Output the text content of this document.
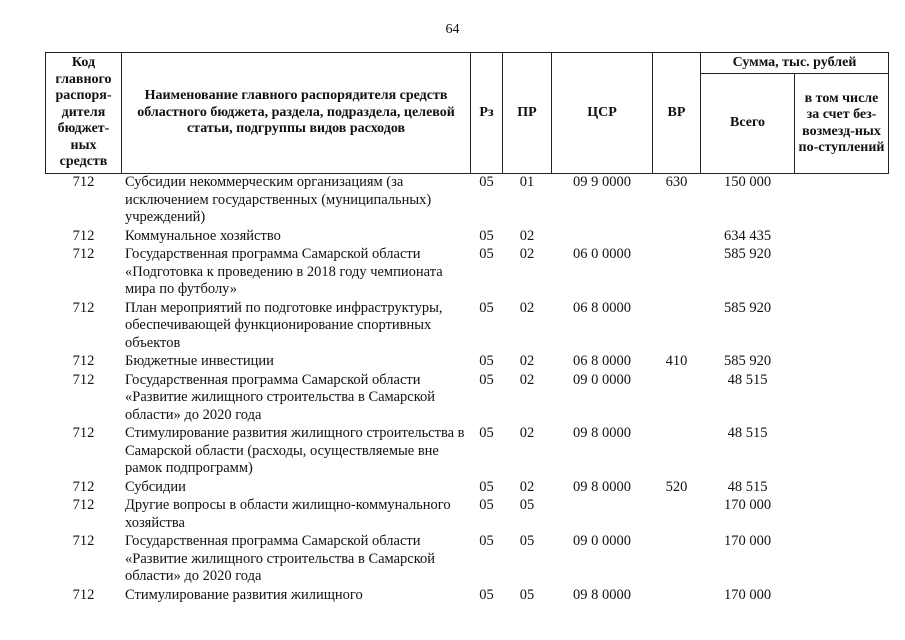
64
Код главного распоря-дителя бюджет-ных средств	Наименование главного распорядителя средств областного бюджета, раздела, подраздела, целевой статьи, подгруппы видов расходов	Рз	ПР	ЦСР	ВР	Сумма, тыс. рублей	
						Всего	в том числе за счет без-возмезд-ных по-ступлений
712	Субсидии некоммерческим организациям (за исключением государственных (муниципальных) учреждений)	05	01	09 9 0000	630	150 000	
712	Коммунальное хозяйство	05	02			634 435	
712	Государственная программа Самарской области «Подготовка к проведению в 2018 году чемпионата мира по футболу»	05	02	06 0 0000		585 920	
712	План мероприятий по подготовке инфраструктуры, обеспечивающей функционирование спортивных объектов	05	02	06 8 0000		585 920	
712	Бюджетные инвестиции	05	02	06 8 0000	410	585 920	
712	Государственная программа Самарской области «Развитие жилищного строительства в Самарской области» до 2020 года	05	02	09 0 0000		48 515	
712	Стимулирование развития жилищного строительства в Самарской области (расходы, осуществляемые вне рамок подпрограмм)	05	02	09 8 0000		48 515	
712	Субсидии	05	02	09 8 0000	520	48 515	
712	Другие вопросы в области жилищно-коммунального хозяйства	05	05			170 000	
712	Государственная программа Самарской области «Развитие жилищного строительства в Самарской области» до 2020 года	05	05	09 0 0000		170 000	
712	Стимулирование развития жилищного	05	05	09 8 0000		170 000	
